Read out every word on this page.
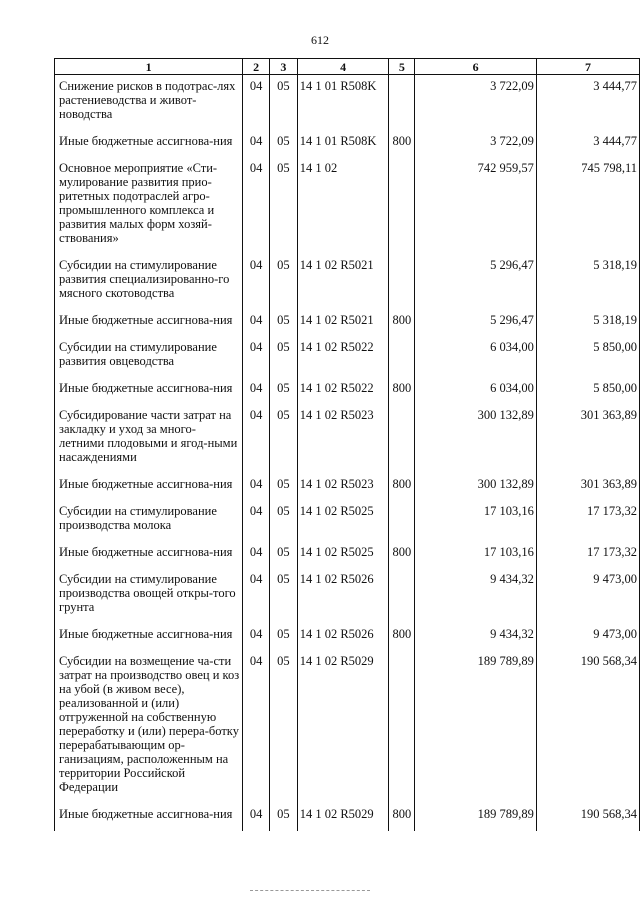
612
1	2	3	4	5	6	7
Снижение рисков в подотрас-лях растениеводства и живот-новодства	04	05	14 1 01 R508K		3 722,09	3 444,77
Иные бюджетные ассигнова-ния	04	05	14 1 01 R508K	800	3 722,09	3 444,77
Основное мероприятие «Сти-мулирование развития прио-ритетных подотраслей агро-промышленного комплекса и развития малых форм хозяй-ствования»	04	05	14 1 02		742 959,57	745 798,11
Субсидии на стимулирование развития специализированно-го мясного скотоводства	04	05	14 1 02 R5021		5 296,47	5 318,19
Иные бюджетные ассигнова-ния	04	05	14 1 02 R5021	800	5 296,47	5 318,19
Субсидии на стимулирование развития овцеводства	04	05	14 1 02 R5022		6 034,00	5 850,00
Иные бюджетные ассигнова-ния	04	05	14 1 02 R5022	800	6 034,00	5 850,00
Субсидирование части затрат на закладку и уход за много-летними плодовыми и ягод-ными насаждениями	04	05	14 1 02 R5023		300 132,89	301 363,89
Иные бюджетные ассигнова-ния	04	05	14 1 02 R5023	800	300 132,89	301 363,89
Субсидии на стимулирование производства молока	04	05	14 1 02 R5025		17 103,16	17 173,32
Иные бюджетные ассигнова-ния	04	05	14 1 02 R5025	800	17 103,16	17 173,32
Субсидии на стимулирование производства овощей откры-того грунта	04	05	14 1 02 R5026		9 434,32	9 473,00
Иные бюджетные ассигнова-ния	04	05	14 1 02 R5026	800	9 434,32	9 473,00
Субсидии на возмещение ча-сти затрат на производство овец и коз на убой (в живом весе), реализованной и (или) отгруженной на собственную переработку и (или) перера-ботку перерабатывающим ор-ганизациям, расположенным на территории Российской Федерации	04	05	14 1 02 R5029		189 789,89	190 568,34
Иные бюджетные ассигнова-ния	04	05	14 1 02 R5029	800	189 789,89	190 568,34
